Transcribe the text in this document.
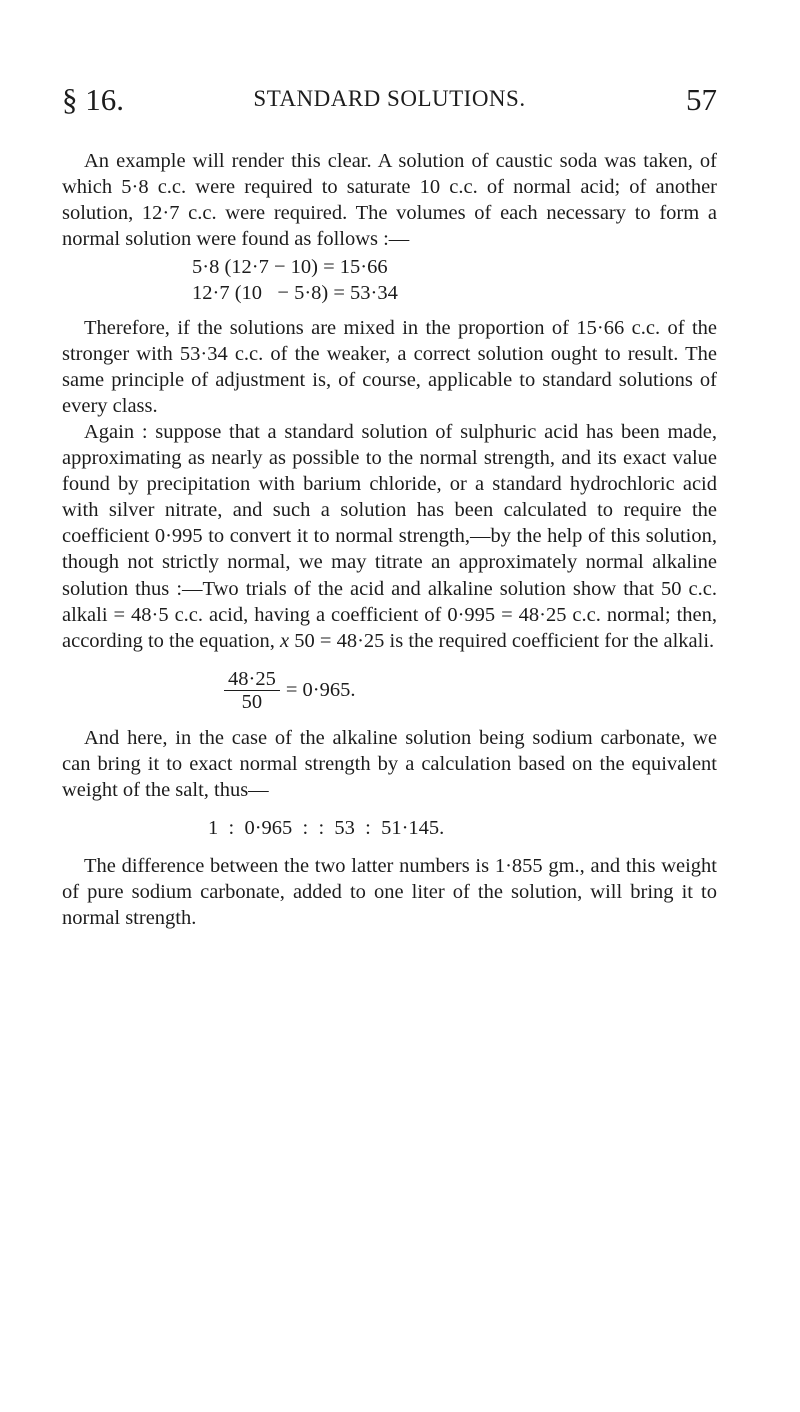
§ 16.	STANDARD SOLUTIONS.	57

An example will render this clear. A solution of caustic soda was taken, of which 5·8 c.c. were required to saturate 10 c.c. of normal acid; of another solution, 12·7 c.c. were required. The volumes of each necessary to form a normal solution were found as follows :—

5·8 (12·7 − 10) = 15·66
12·7 (10   − 5·8) = 53·34

Therefore, if the solutions are mixed in the proportion of 15·66 c.c. of the stronger with 53·34 c.c. of the weaker, a correct solution ought to result. The same principle of adjustment is, of course, applicable to standard solutions of every class.

Again : suppose that a standard solution of sulphuric acid has been made, approximating as nearly as possible to the normal strength, and its exact value found by precipitation with barium chloride, or a standard hydrochloric acid with silver nitrate, and such a solution has been calculated to require the coefficient 0·995 to convert it to normal strength,—by the help of this solution, though not strictly normal, we may titrate an approximately normal alkaline solution thus :—Two trials of the acid and alkaline solution show that 50 c.c. alkali = 48·5 c.c. acid, having a coefficient of 0·995 = 48·25 c.c. normal; then, according to the equation, x 50 = 48·25 is the required coefficient for the alkali.

$\frac{48\cdot 25}{50} = 0\cdot 965$.

And here, in the case of the alkaline solution being sodium carbonate, we can bring it to exact normal strength by a calculation based on the equivalent weight of the salt, thus—

1  :  0·965  :  :  53  :  51·145.

The difference between the two latter numbers is 1·855 gm., and this weight of pure sodium carbonate, added to one liter of the solution, will bring it to normal strength.
